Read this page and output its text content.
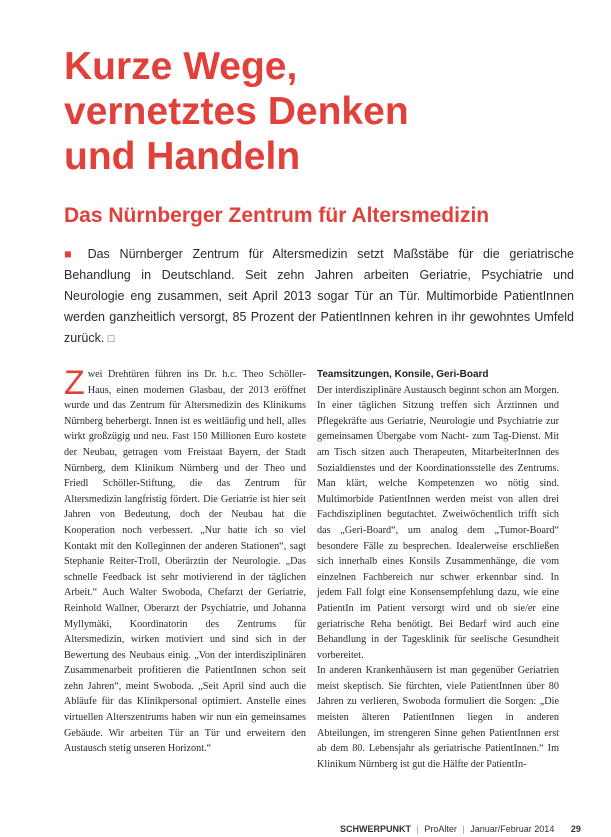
Kurze Wege,
vernetztes Denken
und Handeln
Das Nürnberger Zentrum für Altersmedizin

■ Das Nürnberger Zentrum für Altersmedizin setzt Maßstäbe für die geriatrische Behandlung in Deutschland. Seit zehn Jahren arbeiten Geriatrie, Psychiatrie und Neurologie eng zusammen, seit April 2013 sogar Tür an Tür. Multimorbide PatientInnen werden ganzheitlich versorgt, 85 Prozent der PatientInnen kehren in ihr gewohntes Umfeld zurück. □

Zwei Drehtüren führen ins Dr. h.c. Theo Schöller-Haus, einen modernen Glasbau, der 2013 eröffnet wurde und das Zentrum für Altersmedizin des Klinikums Nürnberg beherbergt. Innen ist es weitläufig und hell, alles wirkt großzügig und neu. Fast 150 Millionen Euro kostete der Neubau, getragen vom Freistaat Bayern, der Stadt Nürnberg, dem Klinikum Nürnberg und der Theo und Friedl Schöller-Stiftung, die das Zentrum für Altersmedizin langfristig fördert. Die Geriatrie ist hier seit Jahren von Bedeutung, doch der Neubau hat die Kooperation noch verbessert. „Nur hatte ich so viel Kontakt mit den Kolleginnen der anderen Stationen“, sagt Stephanie Reiter-Troll, Oberärztin der Neurologie. „Das schnelle Feedback ist sehr motivierend in der täglichen Arbeit.“ Auch Walter Swoboda, Chefarzt der Geriatrie, Reinhold Wallner, Oberarzt der Psychiatrie, und Johanna Myllymäki, Koordinatorin des Zentrums für Altersmedizin, wirken motiviert und sind sich in der Bewertung des Neubaus einig. „Von der interdisziplinären Zusammenarbeit profitieren die PatientInnen schon seit zehn Jahren“, meint Swoboda. „Seit April sind auch die Abläufe für das Klinikpersonal optimiert. Anstelle eines virtuellen Alterszentrums haben wir nun ein gemeinsames Gebäude. Wir arbeiten Tür an Tür und erweitern den Austausch stetig unseren Horizont.“

Teamsitzungen, Konsile, Geri-Board

Der interdisziplinäre Austausch beginnt schon am Morgen. In einer täglichen Sitzung treffen sich Ärztinnen und Pflegekräfte aus Geriatrie, Neurologie und Psychiatrie zur gemeinsamen Übergabe vom Nacht- zum Tag-Dienst. Mit am Tisch sitzen auch Therapeuten, MitarbeiterInnen des Sozialdienstes und der Koordinationsstelle des Zentrums. Man klärt, welche Kompetenzen wo nötig sind. Multimorbide PatientInnen werden meist von allen drei Fachdisziplinen begutachtet. Zweiwöchentlich trifft sich das „Geri-Board“, um analog dem „Tumor-Board“ besondere Fälle zu besprechen. Idealerweise erschließen sich innerhalb eines Konsils Zusammenhänge, die vom einzelnen Fachbereich nur schwer erkennbar sind. In jedem Fall folgt eine Konsensempfehlung dazu, wie eine PatientIn im Patient versorgt wird und ob sie/er eine geriatrische Reha benötigt. Bei Bedarf wird auch eine Behandlung in der Tagesklinik für seelische Gesundheit vorbereitet.

In anderen Krankenhäusern ist man gegenüber Geriatrien meist skeptisch. Sie fürchten, viele PatientInnen über 80 Jahren zu verlieren, Swoboda formuliert die Sorgen: „Die meisten älteren PatientInnen liegen in anderen Abteilungen, im strengeren Sinne gehen PatientInnen erst ab dem 80. Lebensjahr als geriatrische PatientInnen.“ Im Klinikum Nürnberg ist gut die Hälfte der PatientIn-

SCHWERPUNKT | ProAlter | Januar/Februar 2014 29
